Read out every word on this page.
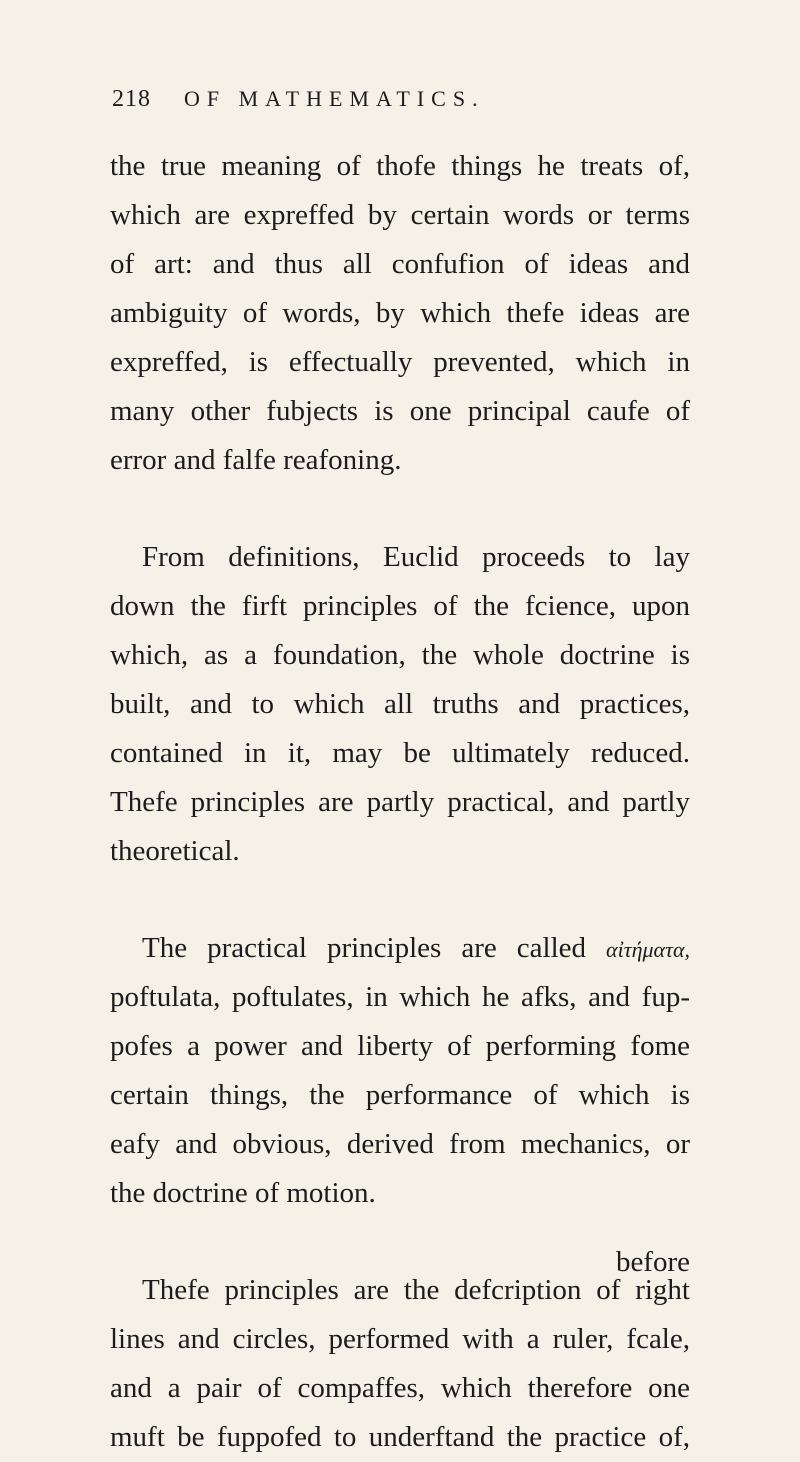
218 OF MATHEMATICS.
the true meaning of thofe things he treats of,
which are expreffed by certain words or terms
of art: and thus all confufion of ideas and
ambiguity of words, by which thefe ideas are
expreffed, is effectually prevented, which in
many other fubjects is one principal caufe of
error and falfe reafoning.
From definitions, Euclid proceeds to lay
down the firft principles of the fcience, upon
which, as a foundation, the whole doctrine is
built, and to which all truths and practices,
contained in it, may be ultimately reduced.
Thefe principles are partly practical, and partly
theoretical.
The practical principles are called αἰτήματα,
poftulata, poftulates, in which he afks, and fup-
pofes a power and liberty of performing fome
certain things, the performance of which is
eafy and obvious, derived from mechanics, or
the doctrine of motion.
Thefe principles are the defcription of right
lines and circles, performed with a ruler, fcale,
and a pair of compaffes, which therefore one
muft be fuppofed to underftand the practice of,
before
